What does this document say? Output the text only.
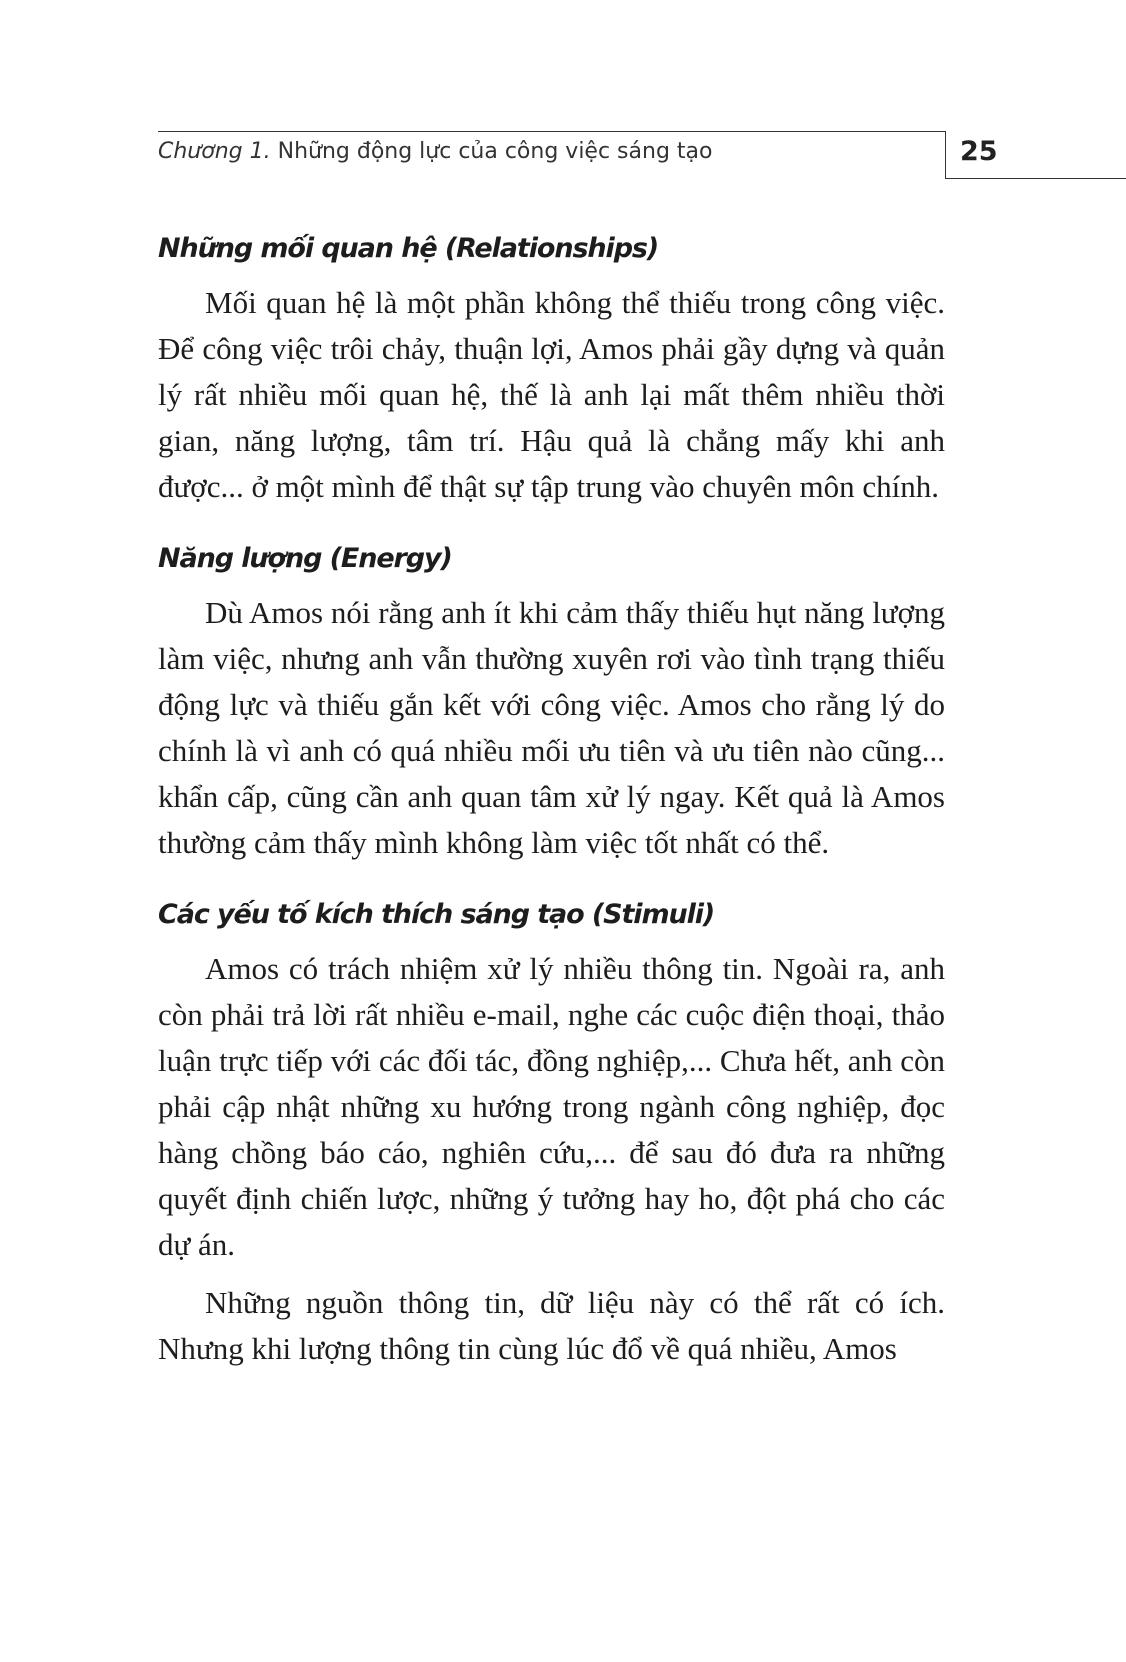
Chương 1. Những động lực của công việc sáng tạo	25
Những mối quan hệ (Relationships)

Mối quan hệ là một phần không thể thiếu trong công việc. Để công việc trôi chảy, thuận lợi, Amos phải gầy dựng và quản lý rất nhiều mối quan hệ, thế là anh lại mất thêm nhiều thời gian, năng lượng, tâm trí. Hậu quả là chẳng mấy khi anh được... ở một mình để thật sự tập trung vào chuyên môn chính.

Năng lượng (Energy)

Dù Amos nói rằng anh ít khi cảm thấy thiếu hụt năng lượng làm việc, nhưng anh vẫn thường xuyên rơi vào tình trạng thiếu động lực và thiếu gắn kết với công việc. Amos cho rằng lý do chính là vì anh có quá nhiều mối ưu tiên và ưu tiên nào cũng... khẩn cấp, cũng cần anh quan tâm xử lý ngay. Kết quả là Amos thường cảm thấy mình không làm việc tốt nhất có thể.

Các yếu tố kích thích sáng tạo (Stimuli)

Amos có trách nhiệm xử lý nhiều thông tin. Ngoài ra, anh còn phải trả lời rất nhiều e-mail, nghe các cuộc điện thoại, thảo luận trực tiếp với các đối tác, đồng nghiệp,... Chưa hết, anh còn phải cập nhật những xu hướng trong ngành công nghiệp, đọc hàng chồng báo cáo, nghiên cứu,... để sau đó đưa ra những quyết định chiến lược, những ý tưởng hay ho, đột phá cho các dự án.

Những nguồn thông tin, dữ liệu này có thể rất có ích. Nhưng khi lượng thông tin cùng lúc đổ về quá nhiều, Amos
